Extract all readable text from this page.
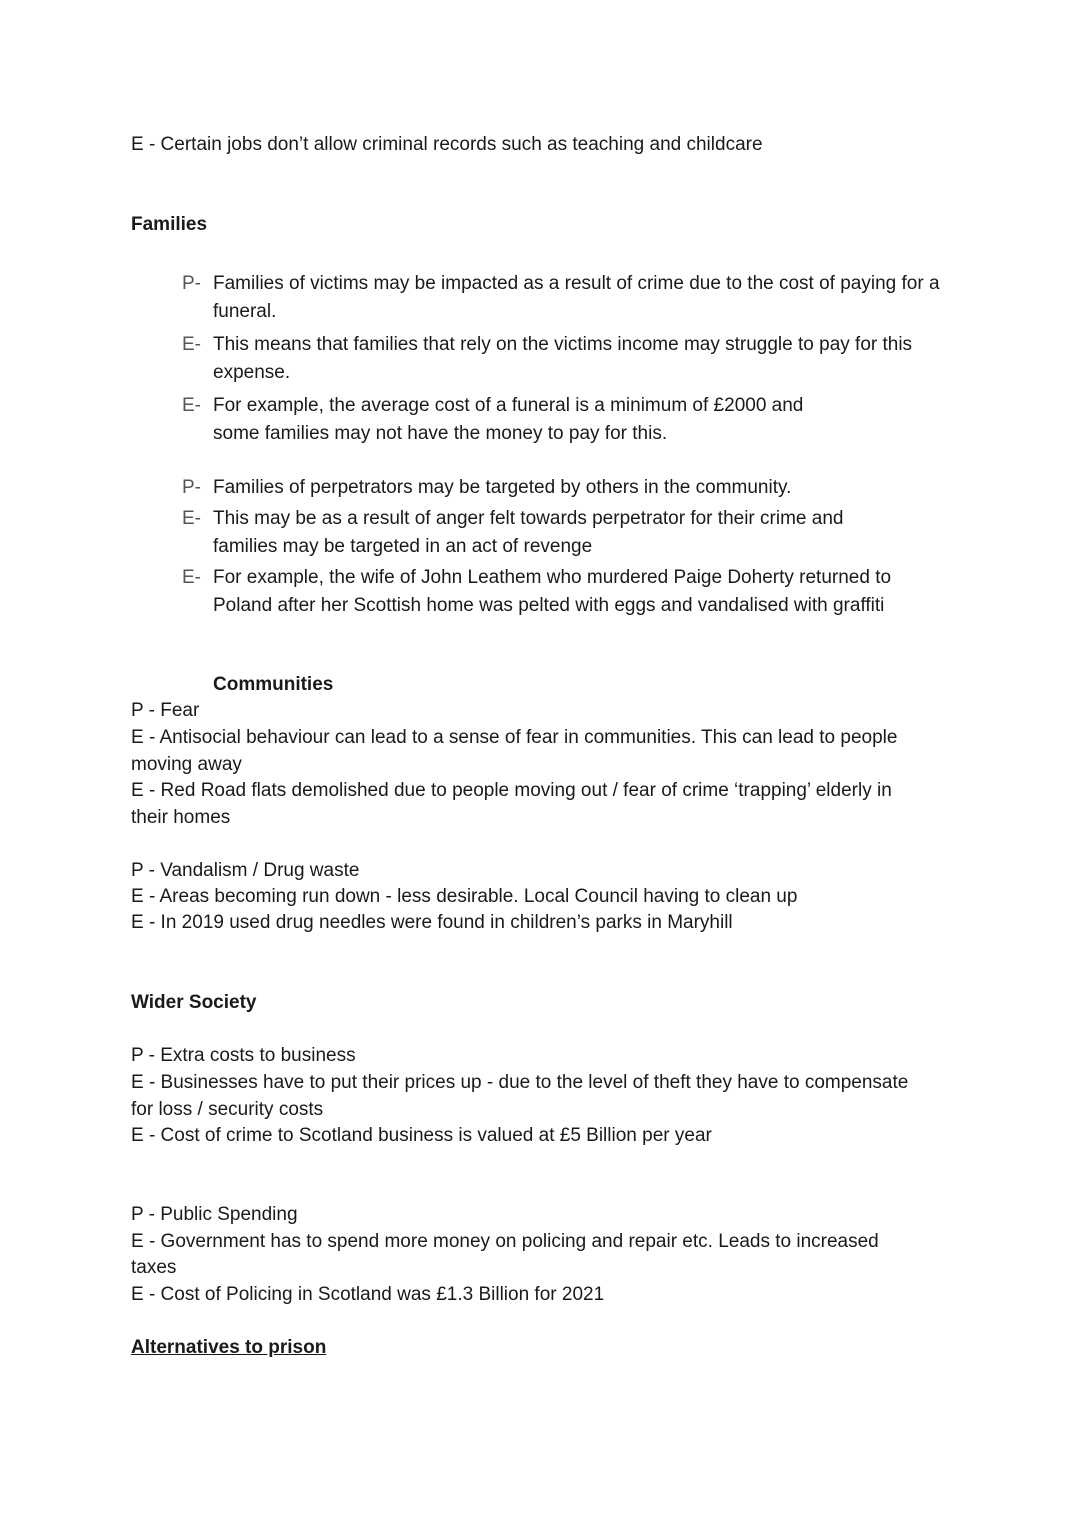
E - Certain jobs don’t allow criminal records such as teaching and childcare
Families
P- Families of victims may be impacted as a result of crime due to the cost of paying for a funeral.
E- This means that families that rely on the victims income may struggle to pay for this expense.
E- For example, the average cost of a funeral is a minimum of £2000 and some families may not have the money to pay for this.
P- Families of perpetrators may be targeted by others in the community.
E- This may be as a result of anger felt towards perpetrator for their crime and families may be targeted in an act of revenge
E- For example, the wife of John Leathem who murdered Paige Doherty returned to Poland after her Scottish home was pelted with eggs and vandalised with graffiti
Communities
P - Fear
E - Antisocial behaviour can lead to a sense of fear in communities. This can lead to people
moving away
E - Red Road flats demolished due to people moving out / fear of crime ‘trapping’ elderly in
their homes
P - Vandalism / Drug waste
E - Areas becoming run down - less desirable. Local Council having to clean up
E - In 2019 used drug needles were found in children’s parks in Maryhill
Wider Society
P - Extra costs to business
E - Businesses have to put their prices up - due to the level of theft they have to compensate
for loss / security costs
E - Cost of crime to Scotland business is valued at £5 Billion per year
P - Public Spending
E - Government has to spend more money on policing and repair etc. Leads to increased
taxes
E - Cost of Policing in Scotland was £1.3 Billion for 2021
Alternatives to prison
